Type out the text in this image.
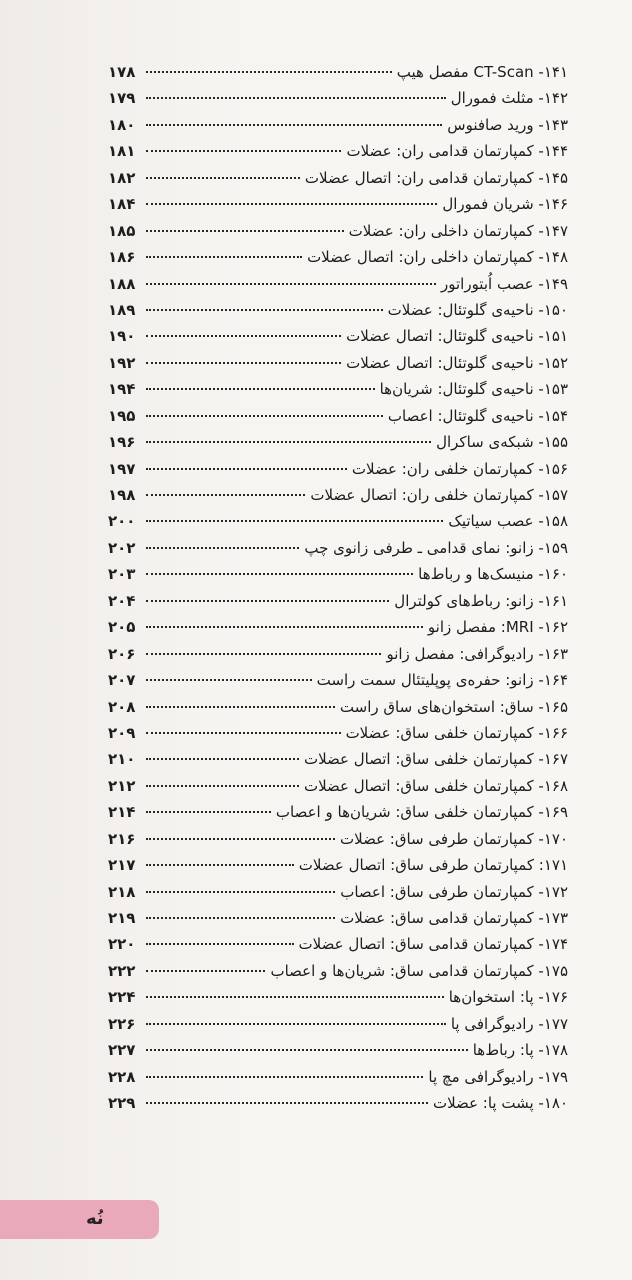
۱۴۱- CT-Scan مفصل هیپ
۱۷۸
۱۴۲- مثلث فمورال
۱۷۹
۱۴۳- ورید صافنوس
۱۸۰
۱۴۴- کمپارتمان قدامی ران: عضلات
۱۸۱
۱۴۵- کمپارتمان قدامی ران: اتصال عضلات
۱۸۲
۱۴۶- شریان فمورال
۱۸۴
۱۴۷- کمپارتمان داخلی ران: عضلات
۱۸۵
۱۴۸- کمپارتمان داخلی ران: اتصال عضلات
۱۸۶
۱۴۹- عصب اُبتوراتور
۱۸۸
۱۵۰- ناحیه‌ی گلوتئال: عضلات
۱۸۹
۱۵۱- ناحیه‌ی گلوتئال: اتصال عضلات
۱۹۰
۱۵۲- ناحیه‌ی گلوتئال: اتصال عضلات
۱۹۲
۱۵۳- ناحیه‌ی گلوتئال: شریان‌ها
۱۹۴
۱۵۴- ناحیه‌ی گلوتئال: اعصاب
۱۹۵
۱۵۵- شبکه‌ی ساکرال
۱۹۶
۱۵۶- کمپارتمان خلفی ران: عضلات
۱۹۷
۱۵۷- کمپارتمان خلفی ران: اتصال عضلات
۱۹۸
۱۵۸- عصب سیاتیک
۲۰۰
۱۵۹- زانو: نمای قدامی ـ طرفی زانوی چپ
۲۰۲
۱۶۰- منیسک‌ها و رباط‌ها
۲۰۳
۱۶۱- زانو: رباط‌های کولترال
۲۰۴
۱۶۲- MRI: مفصل زانو
۲۰۵
۱۶۳- رادیوگرافی: مفصل زانو
۲۰۶
۱۶۴- زانو: حفره‌ی پوپلیتئال سمت راست
۲۰۷
۱۶۵- ساق: استخوان‌های ساق راست
۲۰۸
۱۶۶- کمپارتمان خلفی ساق: عضلات
۲۰۹
۱۶۷- کمپارتمان خلفی ساق: اتصال عضلات
۲۱۰
۱۶۸- کمپارتمان خلفی ساق: اتصال عضلات
۲۱۲
۱۶۹- کمپارتمان خلفی ساق: شریان‌ها و اعصاب
۲۱۴
۱۷۰- کمپارتمان طرفی ساق: عضلات
۲۱۶
۱۷۱: کمپارتمان طرفی ساق: اتصال عضلات
۲۱۷
۱۷۲- کمپارتمان طرفی ساق: اعصاب
۲۱۸
۱۷۳- کمپارتمان قدامی ساق: عضلات
۲۱۹
۱۷۴- کمپارتمان قدامی ساق: اتصال عضلات
۲۲۰
۱۷۵- کمپارتمان قدامی ساق: شریان‌ها و اعصاب
۲۲۲
۱۷۶- پا: استخوان‌ها
۲۲۴
۱۷۷- رادیوگرافی پا
۲۲۶
۱۷۸- پا: رباط‌ها
۲۲۷
۱۷۹- رادیوگرافی مچ پا
۲۲۸
۱۸۰- پشت پا: عضلات
۲۲۹
نُه
